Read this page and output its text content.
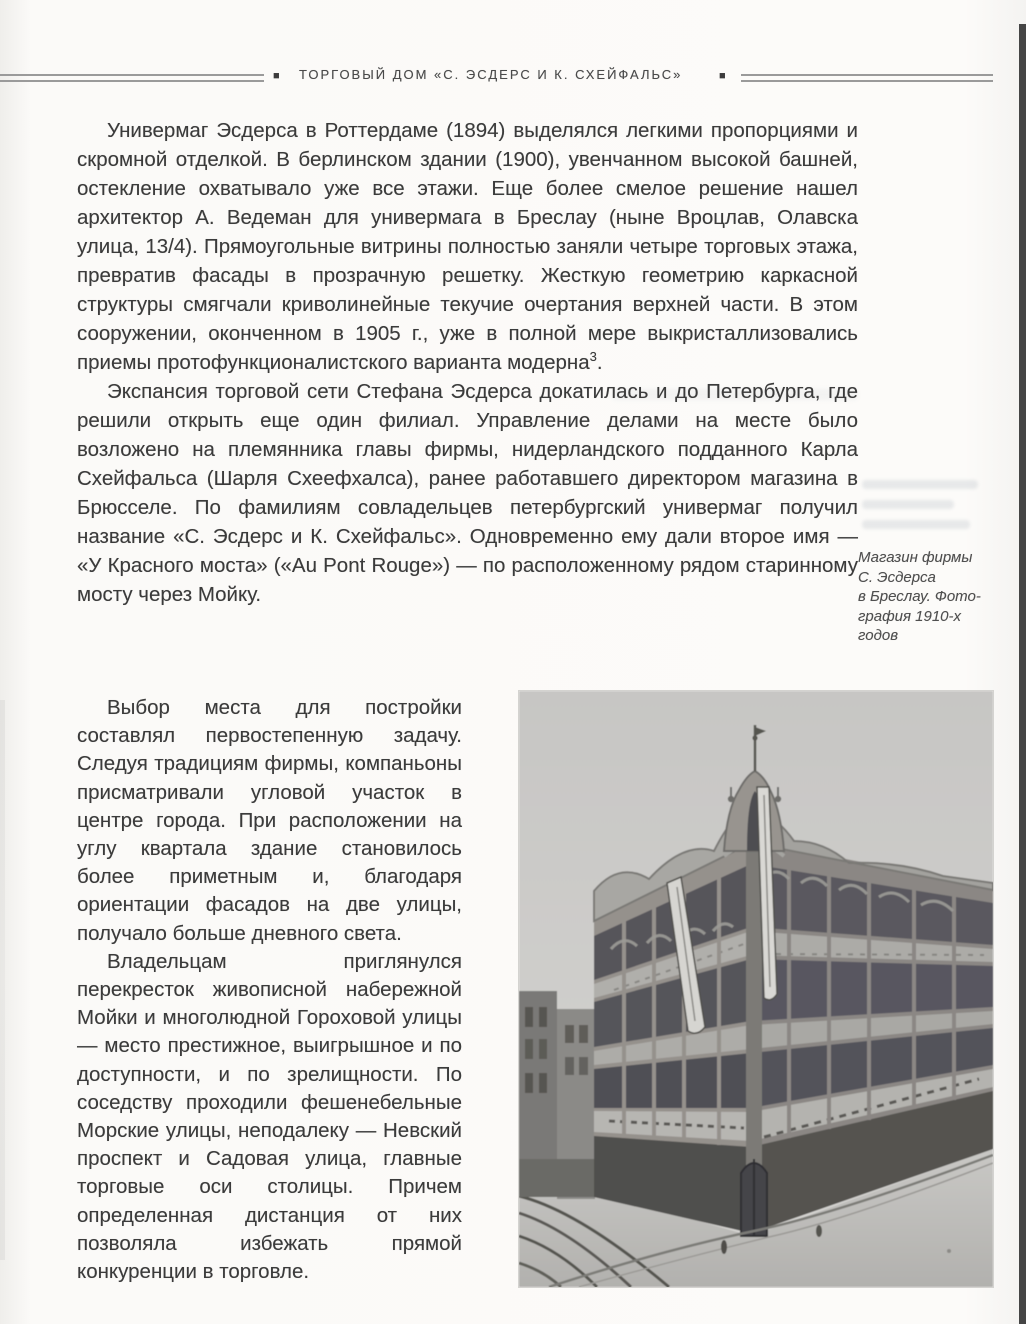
■ ТОРГОВЫЙ ДОМ «С. ЭСДЕРС И К. СХЕЙФАЛЬС»	■

Универмаг Эсдерса в Роттердаме (1894) выделялся легкими пропорциями и скромной отделкой. В берлинском здании (1900), увенчанном высокой башней, остекление охватывало уже все этажи. Еще более смелое решение нашел архитектор А. Ведеман для универмага в Бреслау (ныне Вроцлав, Олавска улица, 13/4). Прямоугольные витрины полностью заняли четыре торговых этажа, превратив фасады в прозрачную решетку. Жесткую геометрию каркасной структуры смягчали криволинейные текучие очертания верхней части. В этом сооружении, оконченном в 1905 г., уже в полной мере выкристаллизовались приемы протофункционалистского варианта модерна$^3$.

Экспансия торговой сети Стефана Эсдерса докатилась и до Петербурга, где решили открыть еще один филиал. Управление делами на месте было возложено на племянника главы фирмы, нидерландского подданного Карла Схейфальса (Шарля Схеефхалса), ранее работавшего директором магазина в Брюсселе. По фамилиям совладельцев петербургский универмаг получил название «С. Эсдерс и К. Схейфальс». Одновременно ему дали второе имя — «У Красного моста» («Au Pont Rouge») — по расположенному рядом старинному мосту через Мойку.

Выбор места для постройки составлял первостепенную задачу. Следуя традициям фирмы, компаньоны присматривали угловой участок в центре города. При расположении на углу квартала здание становилось более приметным и, благодаря ориентации фасадов на две улицы, получало больше дневного света.

Владельцам приглянулся перекресток живописной набережной Мойки и многолюдной Гороховой улицы — место престижное, выигрышное и по доступности, и по зрелищности. По соседству проходили фешенебельные Морские улицы, неподалеку — Невский проспект и Садовая улица, главные торговые оси столицы. Причем определенная дистанция от них позволяла избежать прямой конкуренции в торговле.

Магазин фирмы
С. Эсдерса
в Бреслау. Фото-
графия 1910-х
годов
